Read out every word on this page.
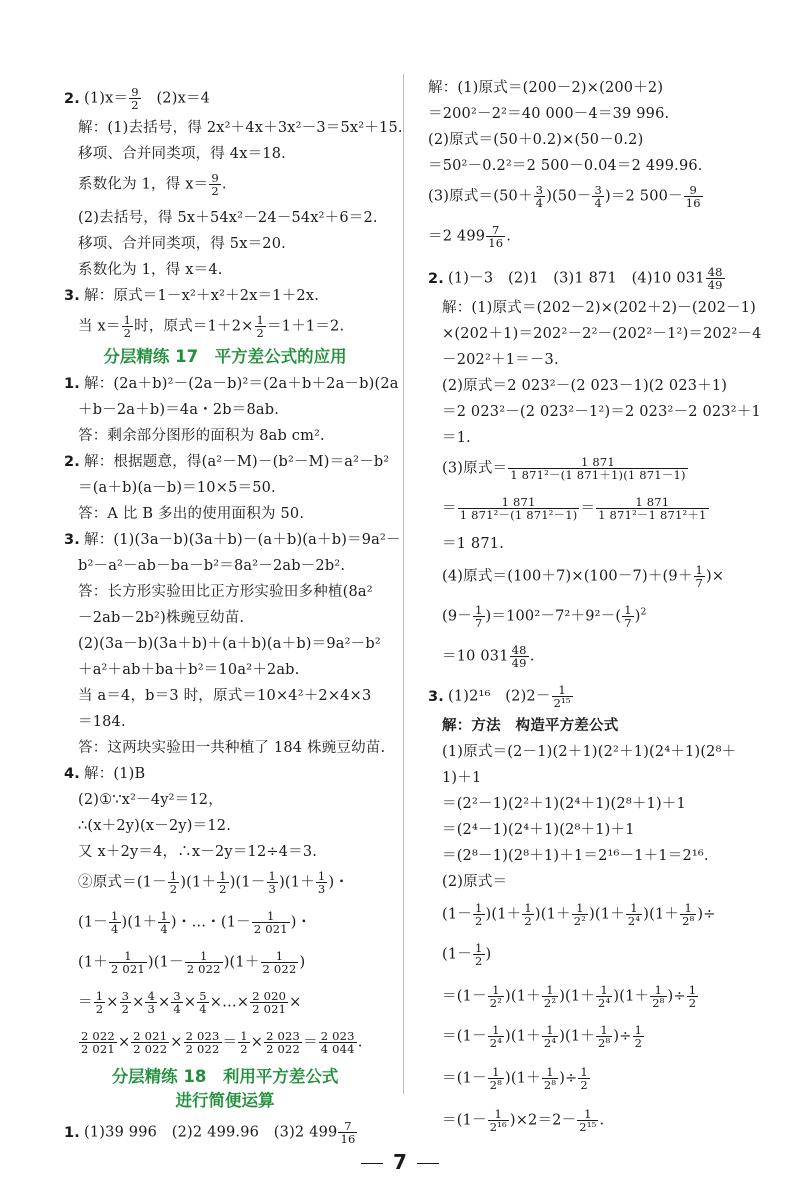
2. $(1)x= \frac{9}{2}$
　 (2)x＝4
解：(1)去括号，得 2x²＋4x＋3x²－3＝5x²＋15.
移项、合并同类项，得 4x＝18.
系数化为 1，得 $x= \frac{9}{2}$ .
(2)去括号，得 5x＋54x²－24－54x²＋6＝2.
移项、合并同类项，得 5x＝20.
系数化为 1，得 x＝4.
3. 解：原式＝1－x²＋x²＋2x＝1＋2x.
当 $x= \frac{1}{2}$ 时，原式$=1+2\times \frac{1}{2} =1+1=2$.
分层精练 17　平方差公式的应用
1. 解：(2a＋b)²－(2a－b)²＝(2a＋b＋2a－b)(2a
＋b－2a＋b)＝4a・2b＝8ab.
答：剩余部分图形的面积为 8ab cm².
2. 解：根据题意，得(a²－M)－(b²－M)＝a²－b²
＝(a＋b)(a－b)＝10×5＝50.
答：A 比 B 多出的使用面积为 50.
3. 解：(1)(3a－b)(3a＋b)－(a＋b)(a＋b)＝9a²－
b²－a²－ab－ba－b²＝8a²－2ab－2b².
答：长方形实验田比正方形实验田多种植(8a²
－2ab－2b²)株豌豆幼苗.
(2)(3a－b)(3a＋b)＋(a＋b)(a＋b)＝9a²－b²
＋a²＋ab＋ba＋b²＝10a²＋2ab.
当 a＝4，b＝3 时，原式＝10×4²＋2×4×3
＝184.
答：这两块实验田一共种植了 184 株豌豆幼苗.
4. 解：(1)B
(2)①∵x²－4y²＝12，
∴(x＋2y)(x－2y)＝12.
又 x＋2y＝4，∴x－2y＝12÷4＝3.
②原式$=(1- \frac{1}{2} )(1+ \frac{1}{2} )(1- \frac{1}{3} )(1+ \frac{1}{3}$ )・
$(1- \frac{1}{4} )(1+ \frac{1}{4}$ )・…・($1- \frac{1}{2 021}$ )・
$(1+ \frac{1}{2 021} )(1- \frac{1}{2 022} )(1+ \frac{1}{2 022}$ )
＝ $\frac{1}{2} \times \frac{3}{2} \times \frac{4}{3} \times \frac{3}{4} \times \frac{5}{4}$ ×…× $\frac{2 020}{2 021}$ ×
$\frac{2 022}{2 021} \times \frac{2 021}{2 022} \times \frac{2 023}{2 022} = \frac{1}{2} \times \frac{2 023}{2 022} = \frac{2 023}{4 044}$ .
分层精练 18　利用平方差公式
进行简便运算
1. (1)39 996　(2)2 499.96　(3)2 $499 \frac{7}{16}$
解：(1)原式＝(200－2)×(200＋2)
＝200²－2²＝40 000－4＝39 996.
(2)原式＝(50＋0.2)×(50－0.2)
＝50²－0.2²＝2 500－0.04＝2 499.96.
(3)原式$=(50+ \frac{3}{4} )(50- \frac{3}{4} )=2$ $500- \frac{9}{16}$
＝2 $499 \frac{7}{16}$ .
2. (1)－3　(2)1　(3)1 871　(4)10 $031 \frac{48}{49}$
解：(1)原式＝(202－2)×(202＋2)－(202－1)
×(202＋1)＝202²－2²－(202²－1²)＝202²－4
－202²＋1＝－3.
(2)原式＝2 023²－(2 023－1)(2 023＋1)
＝2 023²－(2 023²－1²)＝2 023²－2 023²＋1
＝1.
(3)原式＝ $\frac{1 871}{\text{1 871²－(1 871＋1)(1 871－1)}}$
＝ $\frac{1 871}{\text{1 871²－(1 871²－1)}} = \frac{1 871}{\text{1 871²－1 871²＋1}}$
＝1 871.
(4)原式$=(100+7)\times(100-7)+(9+ \frac{1}{7}$ )×
$(9- \frac{1}{7} )=100^2-7^2+9^2-( \frac{1}{7} )^2$
＝10 $031 \frac{48}{49}$ .
3. (1)2¹⁶　$(2)2- \frac{1}{\text{2¹⁵}}$
解：方法　构造平方差公式
(1)原式＝(2－1)(2＋1)(2²＋1)(2⁴＋1)(2⁸＋
1)＋1
＝(2²－1)(2²＋1)(2⁴＋1)(2⁸＋1)＋1
＝(2⁴－1)(2⁴＋1)(2⁸＋1)＋1
＝(2⁸－1)(2⁸＋1)＋1＝2¹⁶－1＋1＝2¹⁶.
(2)原式＝
$(1- \frac{1}{2} )(1+ \frac{1}{2} )(1+ \frac{1}{\text{2²}} )(1+ \frac{1}{\text{2⁴}} )(1+ \frac{1}{\text{2⁸}}$ )÷
($1- \frac{1}{2}$ )
$=(1- \frac{1}{\text{2²}} )(1+ \frac{1}{\text{2²}} )(1+ \frac{1}{\text{2⁴}} )(1+ \frac{1}{\text{2⁸}}$ )÷ $\frac{1}{2}$
$=(1- \frac{1}{\text{2⁴}} )(1+ \frac{1}{\text{2⁴}} )(1+ \frac{1}{\text{2⁸}}$ )÷ $\frac{1}{2}$
$=(1- \frac{1}{\text{2⁸}} )(1+ \frac{1}{\text{2⁸}}$ )÷ $\frac{1}{2}$
$=(1- \frac{1}{\text{2¹⁶}} )\times 2=2- \frac{1}{\text{2¹⁵}}$ .
7
